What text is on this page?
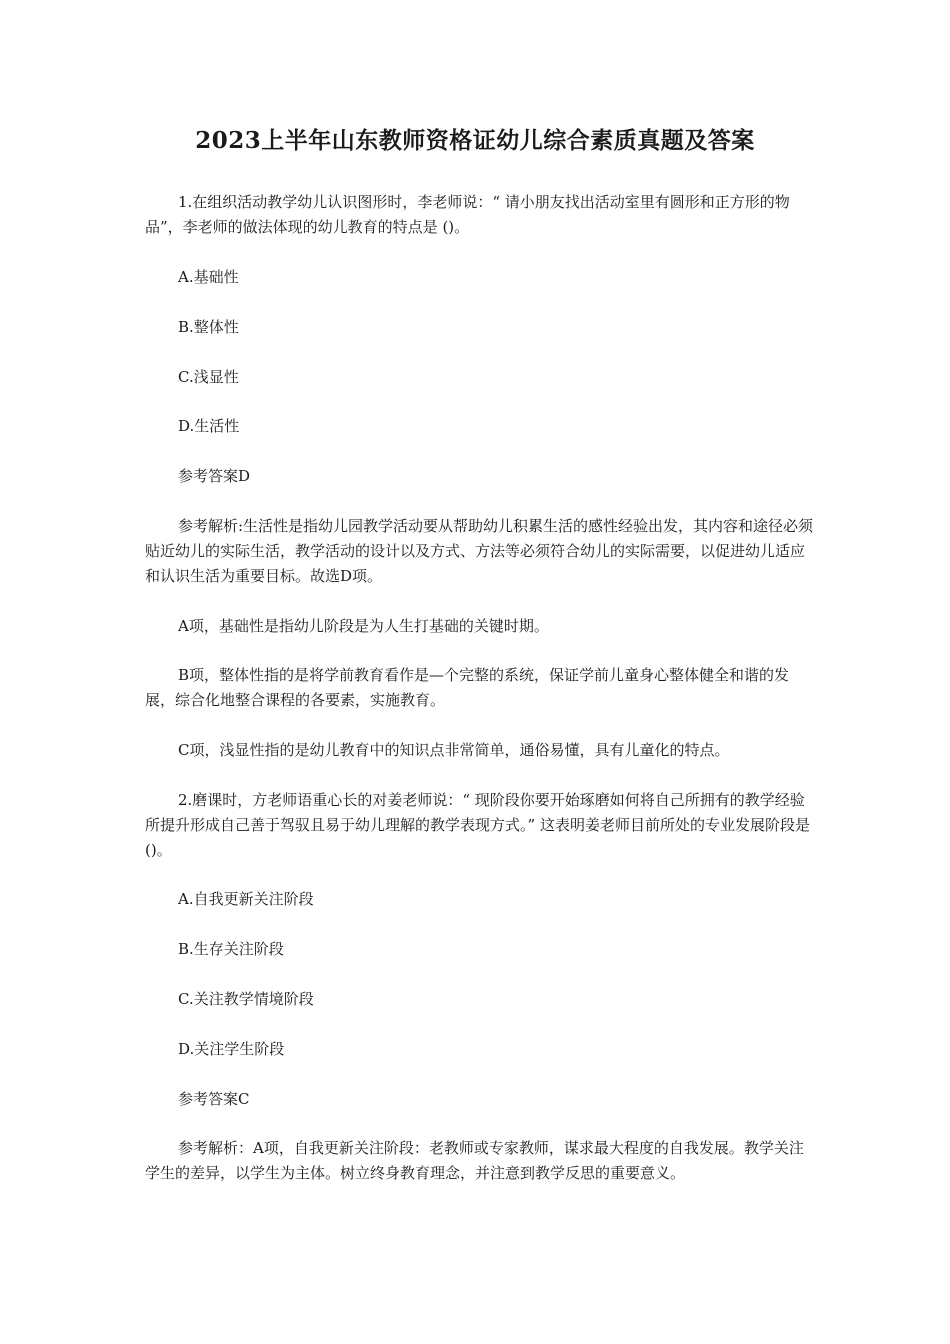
2023上半年山东教师资格证幼儿综合素质真题及答案

1.在组织活动教学幼儿认识图形时，李老师说：“ 请小朋友找出活动室里有圆形和正方形的物品”，李老师的做法体现的幼儿教育的特点是 ()。

A.基础性

B.整体性

C.浅显性

D.生活性

参考答案D

参考解析:生活性是指幼儿园教学活动要从帮助幼儿积累生活的感性经验出发，其内容和途径必须贴近幼儿的实际生活，教学活动的设计以及方式、方法等必须符合幼儿的实际需要，以促进幼儿适应和认识生活为重要目标。故选D项。

A项，基础性是指幼儿阶段是为人生打基础的关键时期。

B项，整体性指的是将学前教育看作是—个完整的系统，保证学前儿童身心整体健全和谐的发展，综合化地整合课程的各要素，实施教育。

C项，浅显性指的是幼儿教育中的知识点非常简单，通俗易懂，具有儿童化的特点。

2.磨课时，方老师语重心长的对姜老师说：“ 现阶段你要开始琢磨如何将自己所拥有的教学经验所提升形成自己善于驾驭且易于幼儿理解的教学表现方式。” 这表明姜老师目前所处的专业发展阶段是()。

A.自我更新关注阶段

B.生存关注阶段

C.关注教学情境阶段

D.关注学生阶段

参考答案C

参考解析：A项，自我更新关注阶段：老教师或专家教师，谋求最大程度的自我发展。教学关注学生的差异，以学生为主体。树立终身教育理念，并注意到教学反思的重要意义。
